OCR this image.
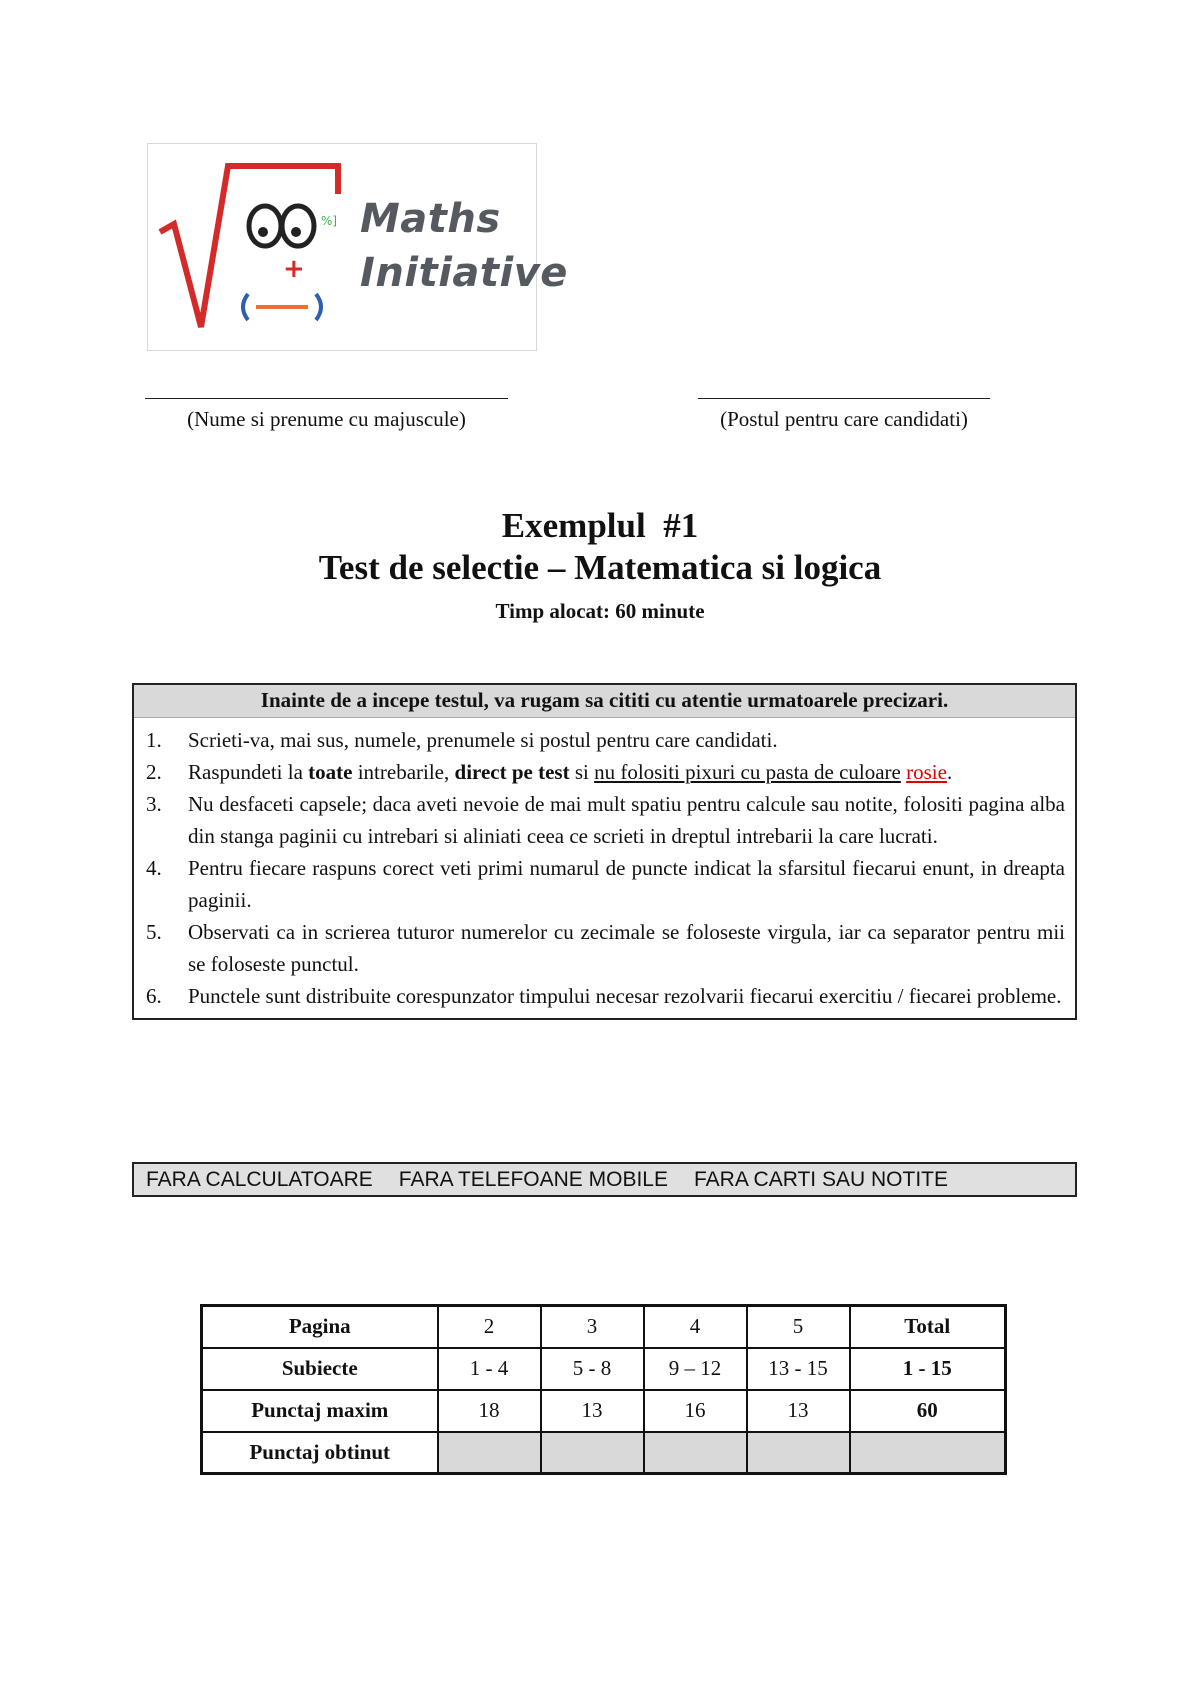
+
%] Maths
Initiative
(Nume si prenume cu majuscule)	(Postul pentru care candidati)
Exemplul  #1
Test de selectie – Matematica si logica
Timp alocat: 60 minute
Inainte de a incepe testul, va rugam sa cititi cu atentie urmatoarele precizari.
1.	Scrieti-va, mai sus, numele, prenumele si postul pentru care candidati.
2.	Raspundeti la toate intrebarile, direct pe test si nu folositi pixuri cu pasta de culoare rosie.
3.	Nu desfaceti capsele; daca aveti nevoie de mai mult spatiu pentru calcule sau notite, folositi pagina alba din stanga paginii cu intrebari si aliniati ceea ce scrieti in dreptul intrebarii la care lucrati.
4.	Pentru fiecare raspuns corect veti primi numarul de puncte indicat la sfarsitul fiecarui enunt, in dreapta paginii.
5.	Observati ca in scrierea tuturor numerelor cu zecimale se foloseste virgula, iar ca separator pentru mii se foloseste punctul.
6.	Punctele sunt distribuite corespunzator timpului necesar rezolvarii fiecarui exercitiu / fiecarei probleme.
FARA CALCULATOARE FARA TELEFOANE MOBILE FARA CARTI SAU NOTITE
Pagina	2	3	4	5	Total
Subiecte	1 - 4	5 - 8	9 – 12	13 - 15	1 - 15
Punctaj maxim	18	13	16	13	60
Punctaj obtinut					
